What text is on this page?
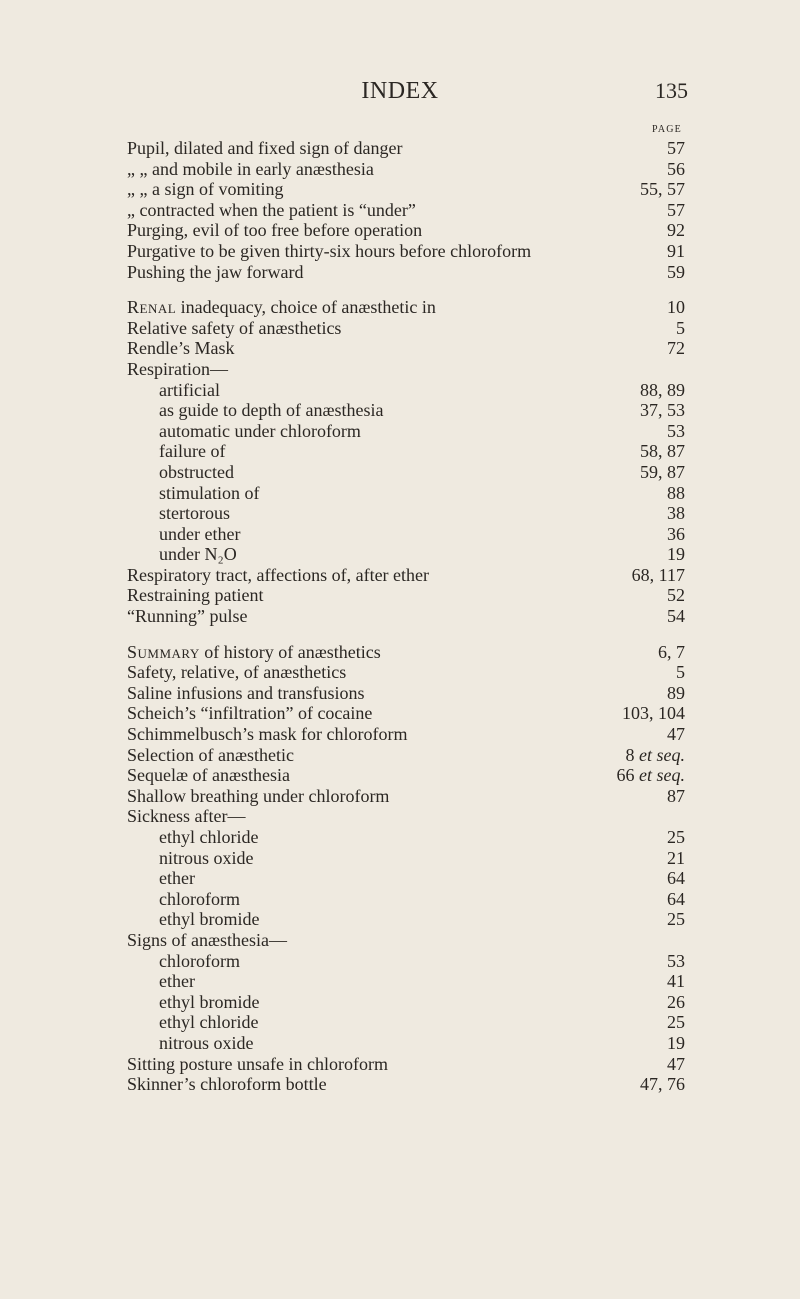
INDEX	135
PAGE
Pupil, dilated and fixed sign of danger	57
„ „ and mobile in early anæsthesia	56
„ „ a sign of vomiting	55, 57
„ contracted when the patient is “under”	57
Purging, evil of too free before operation	92
Purgative to be given thirty-six hours before chloroform	91
Pushing the jaw forward	59
Renal inadequacy, choice of anæsthetic in	10
Relative safety of anæsthetics	5
Rendle’s Mask	72
Respiration—
artificial	88, 89
as guide to depth of anæsthesia	37, 53
automatic under chloroform	53
failure of	58, 87
obstructed	59, 87
stimulation of	88
stertorous	38
under ether	36
under N₂O	19
Respiratory tract, affections of, after ether	68, 117
Restraining patient	52
“Running” pulse	54
Summary of history of anæsthetics	6, 7
Safety, relative, of anæsthetics	5
Saline infusions and transfusions	89
Scheich’s “infiltration” of cocaine	103, 104
Schimmelbusch’s mask for chloroform	47
Selection of anæsthetic	8 et seq.
Sequelæ of anæsthesia	66 et seq.
Shallow breathing under chloroform	87
Sickness after—
ethyl chloride	25
nitrous oxide	21
ether	64
chloroform	64
ethyl bromide	25
Signs of anæsthesia—
chloroform	53
ether	41
ethyl bromide	26
ethyl chloride	25
nitrous oxide	19
Sitting posture unsafe in chloroform	47
Skinner’s chloroform bottle	47, 76
